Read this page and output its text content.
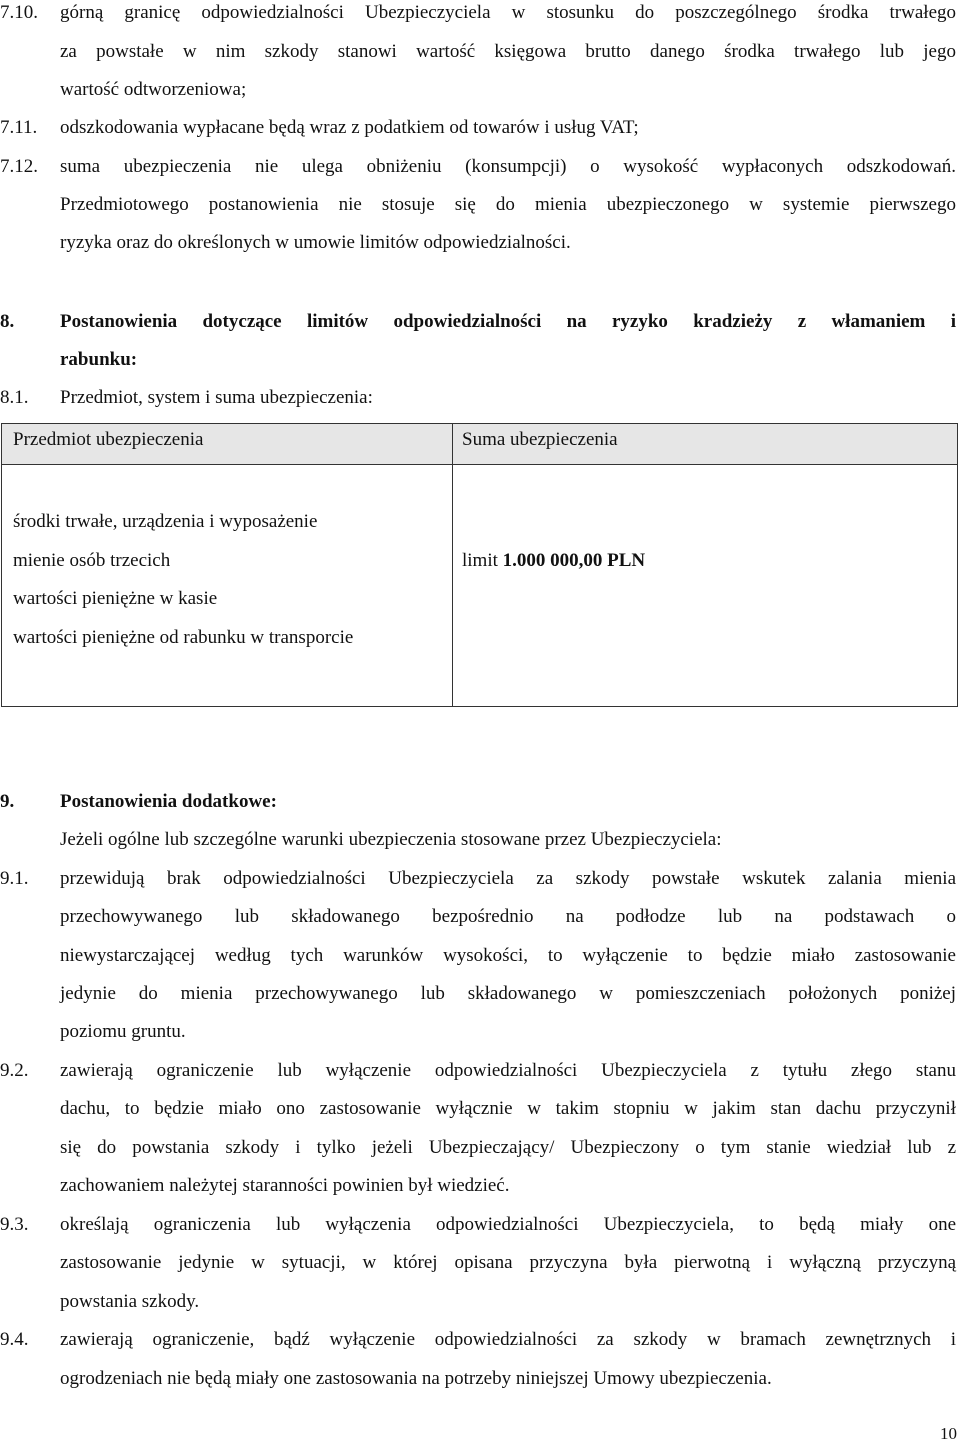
7.10. górną granicę odpowiedzialności Ubezpieczyciela w stosunku do poszczególnego środka trwałego
za powstałe w nim szkody stanowi wartość księgowa brutto danego środka trwałego lub jego
wartość odtworzeniowa;
7.11. odszkodowania wypłacane będą wraz z podatkiem od towarów i usług VAT;
7.12. suma ubezpieczenia nie ulega obniżeniu (konsumpcji) o wysokość wypłaconych odszkodowań.
Przedmiotowego postanowienia nie stosuje się do mienia ubezpieczonego w systemie pierwszego
ryzyka oraz do określonych w umowie limitów odpowiedzialności.
8. Postanowienia dotyczące limitów odpowiedzialności na ryzyko kradzieży z włamaniem i
rabunku:
8.1. Przedmiot, system i suma ubezpieczenia:
Przedmiot ubezpieczenia	Suma ubezpieczenia
środki trwałe, urządzenia i wyposażenie
mienie osób trzecich
wartości pieniężne w kasie
wartości pieniężne od rabunku w transporcie
limit 1.000 000,00 PLN
9. Postanowienia dodatkowe:
Jeżeli ogólne lub szczególne warunki ubezpieczenia stosowane przez Ubezpieczyciela:
9.1. przewidują brak odpowiedzialności Ubezpieczyciela za szkody powstałe wskutek zalania mienia
przechowywanego lub składowanego bezpośrednio na podłodze lub na podstawach o
niewystarczającej według tych warunków wysokości, to wyłączenie to będzie miało zastosowanie
jedynie do mienia przechowywanego lub składowanego w pomieszczeniach położonych poniżej
poziomu gruntu.
9.2. zawierają ograniczenie lub wyłączenie odpowiedzialności Ubezpieczyciela z tytułu złego stanu
dachu, to będzie miało ono zastosowanie wyłącznie w takim stopniu w jakim stan dachu przyczynił
się do powstania szkody i tylko jeżeli Ubezpieczający/ Ubezpieczony o tym stanie wiedział lub z
zachowaniem należytej staranności powinien był wiedzieć.
9.3. określają ograniczenia lub wyłączenia odpowiedzialności Ubezpieczyciela, to będą miały one
zastosowanie jedynie w sytuacji, w której opisana przyczyna była pierwotną i wyłączną przyczyną
powstania szkody.
9.4. zawierają ograniczenie, bądź wyłączenie odpowiedzialności za szkody w bramach zewnętrznych i
ogrodzeniach nie będą miały one zastosowania na potrzeby niniejszej Umowy ubezpieczenia.
10
